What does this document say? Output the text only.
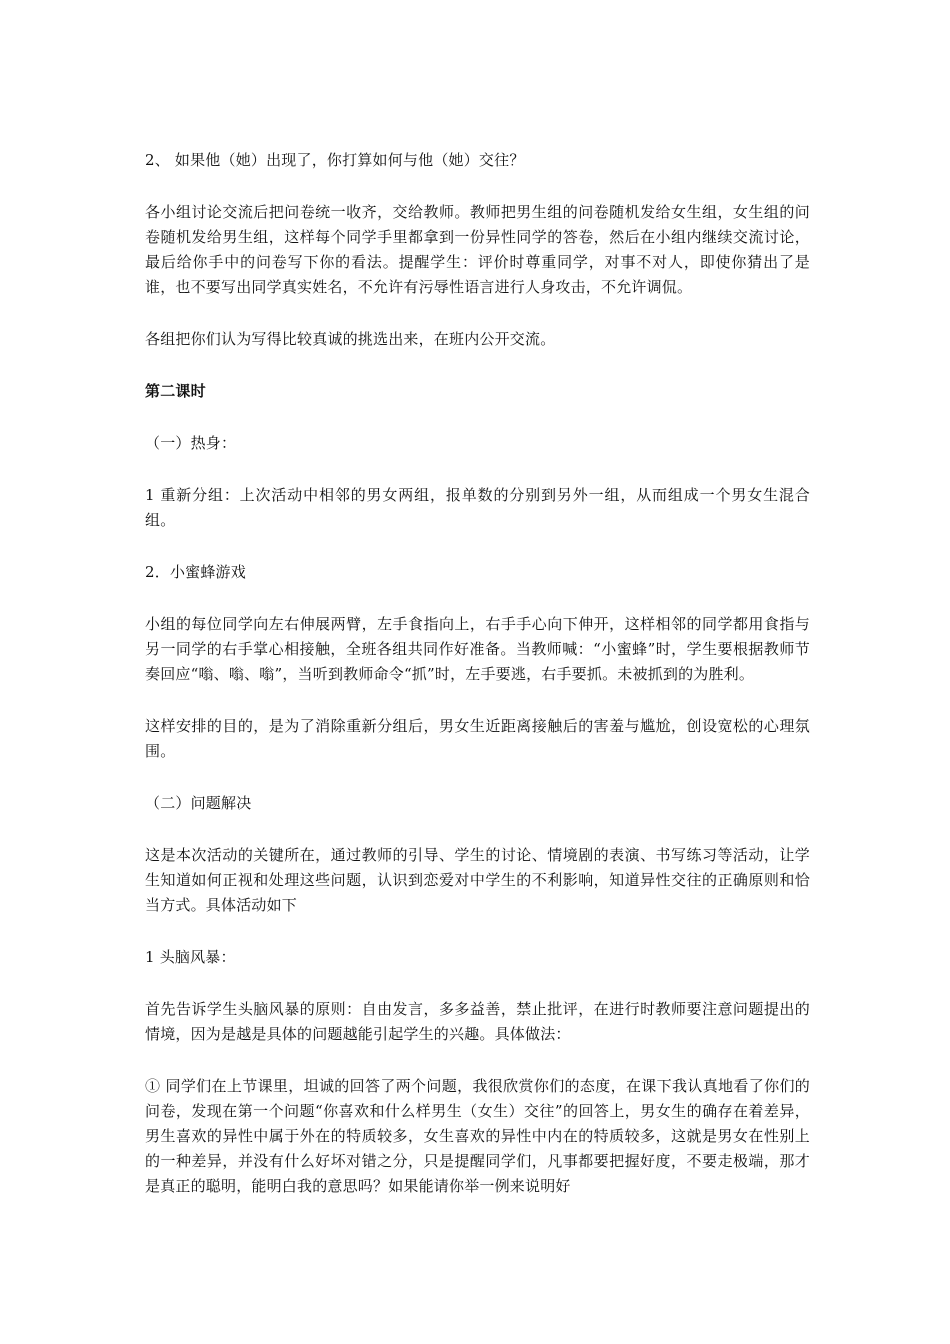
2、 如果他（她）出现了，你打算如何与他（她）交往？

各小组讨论交流后把问卷统一收齐，交给教师。教师把男生组的问卷随机发给女生组，女生组的问卷随机发给男生组，这样每个同学手里都拿到一份异性同学的答卷，然后在小组内继续交流讨论，最后给你手中的问卷写下你的看法。提醒学生：评价时尊重同学，对事不对人，即使你猜出了是谁，也不要写出同学真实姓名，不允许有污辱性语言进行人身攻击，不允许调侃。

各组把你们认为写得比较真诚的挑选出来，在班内公开交流。

第二课时

（一）热身：

1 重新分组：上次活动中相邻的男女两组，报单数的分别到另外一组，从而组成一个男女生混合组。

2．小蜜蜂游戏

小组的每位同学向左右伸展两臂，左手食指向上，右手手心向下伸开，这样相邻的同学都用食指与另一同学的右手掌心相接触，全班各组共同作好准备。当教师喊：“小蜜蜂”时，学生要根据教师节奏回应“嗡、嗡、嗡”，当听到教师命令“抓”时，左手要逃，右手要抓。未被抓到的为胜利。

这样安排的目的，是为了消除重新分组后，男女生近距离接触后的害羞与尴尬，创设宽松的心理氛围。

（二）问题解决

这是本次活动的关键所在，通过教师的引导、学生的讨论、情境剧的表演、书写练习等活动，让学生知道如何正视和处理这些问题，认识到恋爱对中学生的不利影响，知道异性交往的正确原则和恰当方式。具体活动如下

1 头脑风暴：

首先告诉学生头脑风暴的原则：自由发言，多多益善，禁止批评，在进行时教师要注意问题提出的情境，因为是越是具体的问题越能引起学生的兴趣。具体做法：

① 同学们在上节课里，坦诚的回答了两个问题，我很欣赏你们的态度，在课下我认真地看了你们的问卷，发现在第一个问题“你喜欢和什么样男生（女生）交往”的回答上，男女生的确存在着差异，男生喜欢的异性中属于外在的特质较多，女生喜欢的异性中内在的特质较多，这就是男女在性别上的一种差异，并没有什么好坏对错之分，只是提醒同学们，凡事都要把握好度，不要走极端，那才是真正的聪明，能明白我的意思吗？如果能请你举一例来说明好
